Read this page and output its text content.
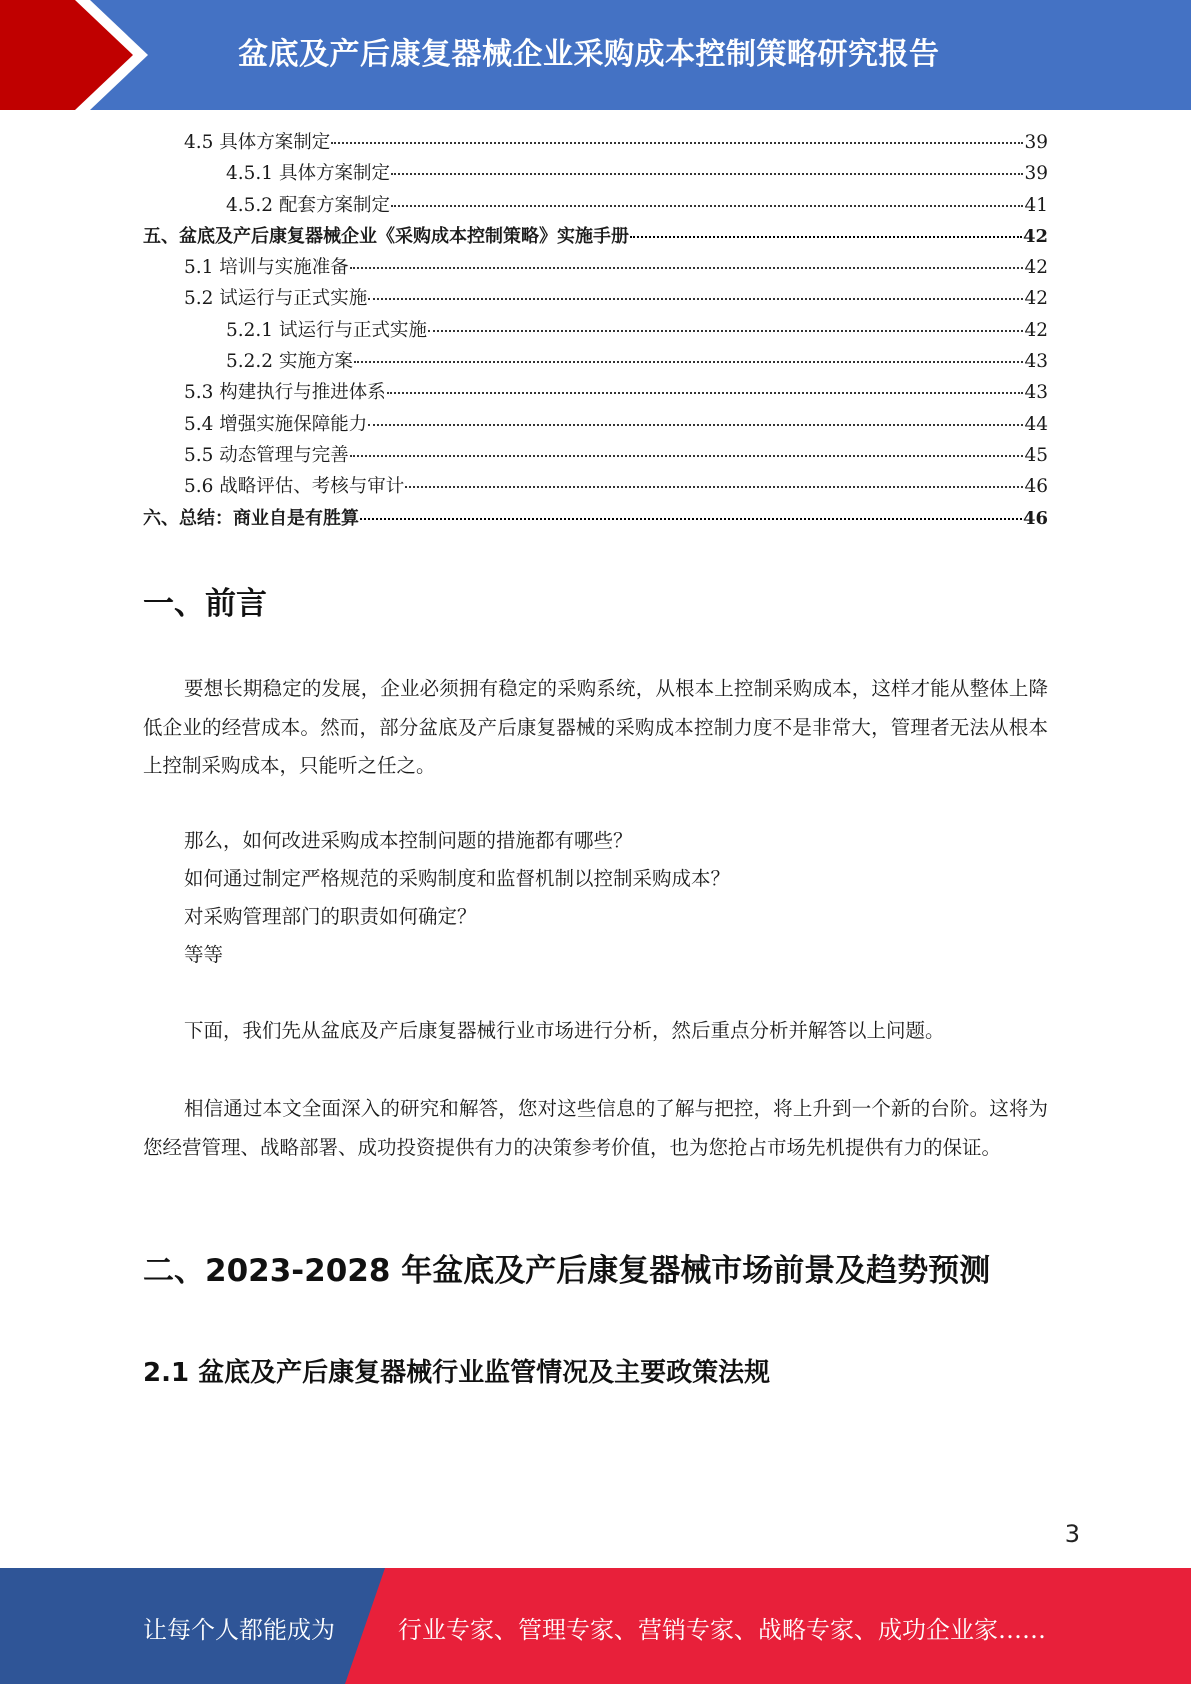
盆底及产后康复器械企业采购成本控制策略研究报告
4.5 具体方案制定	39
4.5.1 具体方案制定	39
4.5.2 配套方案制定	41
五、盆底及产后康复器械企业《采购成本控制策略》实施手册	42
5.1 培训与实施准备	42
5.2 试运行与正式实施	42
5.2.1 试运行与正式实施	42
5.2.2 实施方案	43
5.3 构建执行与推进体系	43
5.4 增强实施保障能力	44
5.5 动态管理与完善	45
5.6 战略评估、考核与审计	46
六、总结：商业自是有胜算	46
一、前言
要想长期稳定的发展，企业必须拥有稳定的采购系统，从根本上控制采购成本，这样才能从整体上降低企业的经营成本。然而，部分盆底及产后康复器械的采购成本控制力度不是非常大，管理者无法从根本上控制采购成本，只能听之任之。
那么，如何改进采购成本控制问题的措施都有哪些？
如何通过制定严格规范的采购制度和监督机制以控制采购成本？
对采购管理部门的职责如何确定？
等等
下面，我们先从盆底及产后康复器械行业市场进行分析，然后重点分析并解答以上问题。
相信通过本文全面深入的研究和解答，您对这些信息的了解与把控，将上升到一个新的台阶。这将为您经营管理、战略部署、成功投资提供有力的决策参考价值，也为您抢占市场先机提供有力的保证。
二、2023-2028 年盆底及产后康复器械市场前景及趋势预测
2.1 盆底及产后康复器械行业监管情况及主要政策法规
3
让每个人都能成为	行业专家、管理专家、营销专家、战略专家、成功企业家……
